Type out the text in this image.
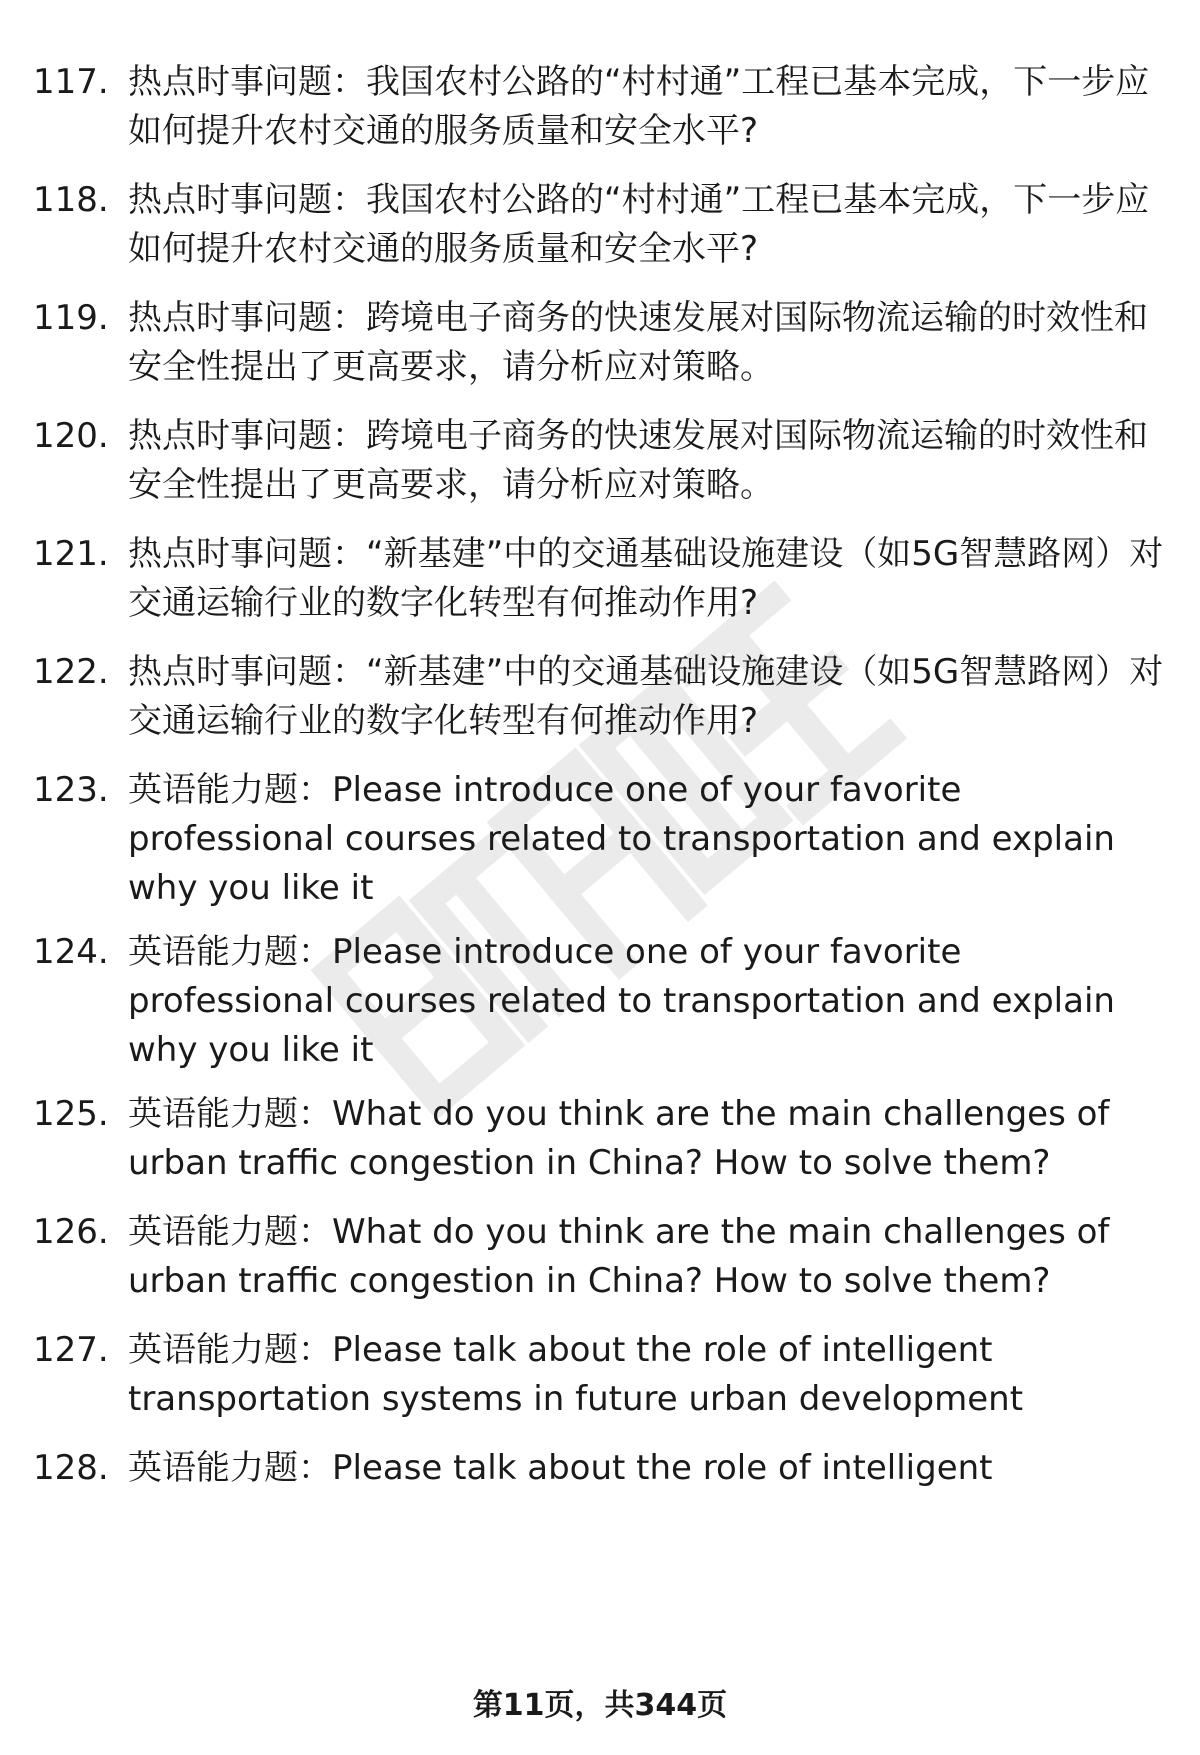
117. 热点时事问题：我国农村公路的“村村通”工程已基本完成，下一步应如何提升农村交通的服务质量和安全水平?
118. 热点时事问题：我国农村公路的“村村通”工程已基本完成，下一步应如何提升农村交通的服务质量和安全水平?
119. 热点时事问题：跨境电子商务的快速发展对国际物流运输的时效性和安全性提出了更高要求，请分析应对策略。
120. 热点时事问题：跨境电子商务的快速发展对国际物流运输的时效性和安全性提出了更高要求，请分析应对策略。
121. 热点时事问题：“新基建”中的交通基础设施建设（如5G智慧路网）对交通运输行业的数字化转型有何推动作用?
122. 热点时事问题：“新基建”中的交通基础设施建设（如5G智慧路网）对交通运输行业的数字化转型有何推动作用?
123. 英语能力题：Please introduce one of your favorite professional courses related to transportation and explain why you like it
124. 英语能力题：Please introduce one of your favorite professional courses related to transportation and explain why you like it
125. 英语能力题：What do you think are the main challenges of urban traffic congestion in China? How to solve them?
126. 英语能力题：What do you think are the main challenges of urban traffic congestion in China? How to solve them?
127. 英语能力题：Please talk about the role of intelligent transportation systems in future urban development
128. 英语能力题：Please talk about the role of intelligent
第11页，共344页
